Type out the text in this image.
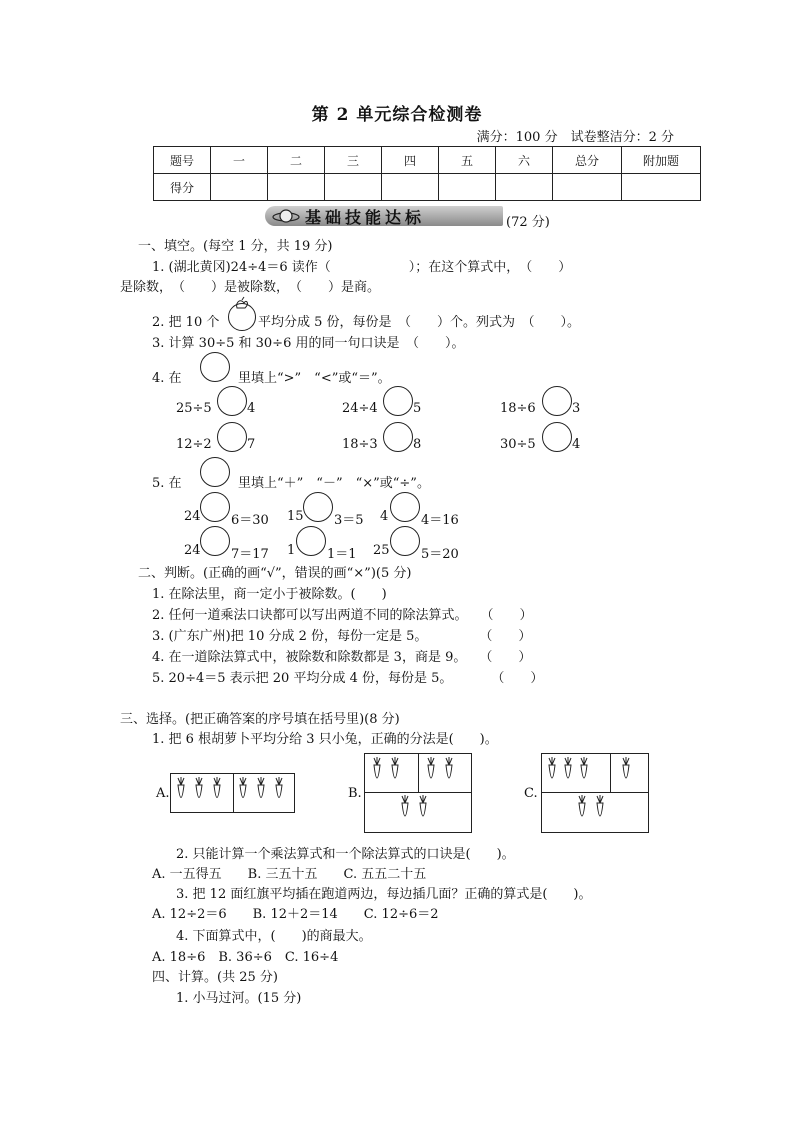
第 2 单元综合检测卷
满分：100 分　试卷整洁分：2 分
题号	一	二	三	四	五	六	总分	附加题
得分								
基础技能达标	(72 分)
一、填空。(每空 1 分，共 19 分)
1. (湖北黄冈)24÷4＝6 读作（　　　　　　）；在这个算式中，　（　　）
是除数，　（　　）是被除数，　（　　）是商。
2. 把 10 个	平均分成 5 份，每份是　（　　）个。列式为　（　　）。
3. 计算 30÷5 和 30÷6 用的同一句口诀是　（　　）。
4. 在	里填上“>”　“<”或“＝”。
25÷5	4	24÷4	5	18÷6	3
12÷2	7	18÷3	8	30÷5	4
5. 在	里填上“＋”　“－”　“×”或“÷”。
24 6＝30 15 3＝5 4	4＝16
24 7＝17 1 1＝1 25 5＝20
二、判断。(正确的画“√”，错误的画“×”)(5 分)
1. 在除法里，商一定小于被除数。(　　)
2. 任何一道乘法口诀都可以写出两道不同的除法算式。　　（　　）
3. (广东广州)把 10 分成 2 份，每份一定是 5。　　　　　（　　）
4. 在一道除法算式中，被除数和除数都是 3，商是 9。　　（　　）
5. 20÷4＝5 表示把 20 平均分成 4 份，每份是 5。　　　　（　　）
三、选择。(把正确答案的序号填在括号里)(8 分)
1. 把 6 根胡萝卜平均分给 3 只小兔，正确的分法是(　　)。
A.	B.	C.
2. 只能计算一个乘法算式和一个除法算式的口诀是(　　)。
A. 一五得五　　B. 三五十五　　C. 五五二十五
3. 把 12 面红旗平均插在跑道两边，每边插几面？正确的算式是(　　)。
A. 12÷2＝6　　B. 12＋2＝14　　C. 12÷6＝2
4. 下面算式中，(　　)的商最大。
A. 18÷6　B. 36÷6　C. 16÷4
四、计算。(共 25 分)
1. 小马过河。(15 分)
